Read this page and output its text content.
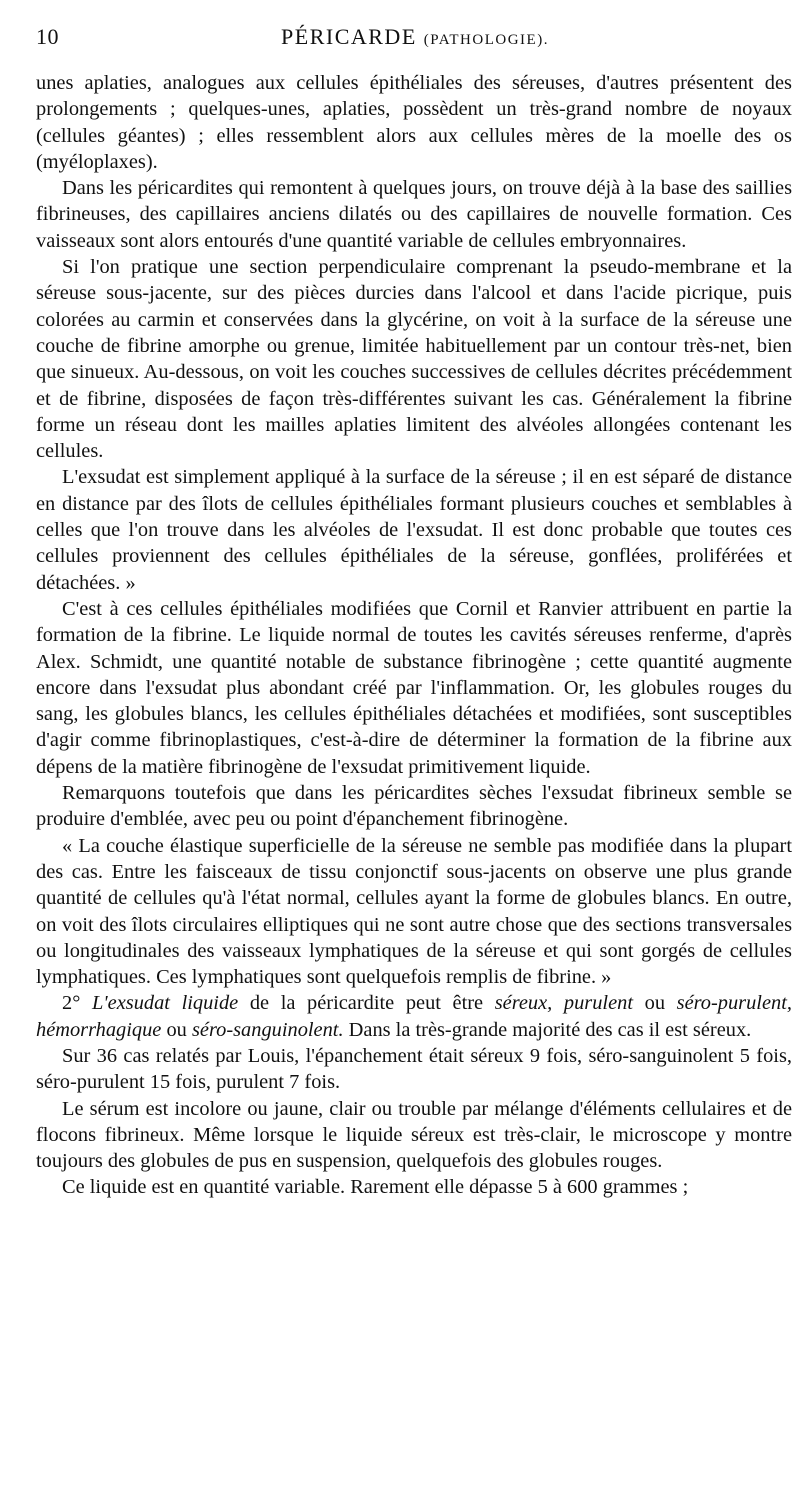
10	PÉRICARDE (PATHOLOGIE).

unes aplaties, analogues aux cellules épithéliales des séreuses, d'autres présentent des prolongements ; quelques-unes, aplaties, possèdent un très-grand nombre de noyaux (cellules géantes) ; elles ressemblent alors aux cellules mères de la moelle des os (myéloplaxes).

Dans les péricardites qui remontent à quelques jours, on trouve déjà à la base des saillies fibrineuses, des capillaires anciens dilatés ou des capillaires de nouvelle formation. Ces vaisseaux sont alors entourés d'une quantité variable de cellules embryonnaires.

Si l'on pratique une section perpendiculaire comprenant la pseudo-membrane et la séreuse sous-jacente, sur des pièces durcies dans l'alcool et dans l'acide picrique, puis colorées au carmin et conservées dans la glycérine, on voit à la surface de la séreuse une couche de fibrine amorphe ou grenue, limitée habituellement par un contour très-net, bien que sinueux. Au-dessous, on voit les couches successives de cellules décrites précédemment et de fibrine, disposées de façon très-différentes suivant les cas. Généralement la fibrine forme un réseau dont les mailles aplaties limitent des alvéoles allongées contenant les cellules.

L'exsudat est simplement appliqué à la surface de la séreuse ; il en est séparé de distance en distance par des îlots de cellules épithéliales formant plusieurs couches et semblables à celles que l'on trouve dans les alvéoles de l'exsudat. Il est donc probable que toutes ces cellules proviennent des cellules épithéliales de la séreuse, gonflées, proliférées et détachées. »

C'est à ces cellules épithéliales modifiées que Cornil et Ranvier attribuent en partie la formation de la fibrine. Le liquide normal de toutes les cavités séreuses renferme, d'après Alex. Schmidt, une quantité notable de substance fibrinogène ; cette quantité augmente encore dans l'exsudat plus abondant créé par l'inflammation. Or, les globules rouges du sang, les globules blancs, les cellules épithéliales détachées et modifiées, sont susceptibles d'agir comme fibrinoplastiques, c'est-à-dire de déterminer la formation de la fibrine aux dépens de la matière fibrinogène de l'exsudat primitivement liquide.

Remarquons toutefois que dans les péricardites sèches l'exsudat fibrineux semble se produire d'emblée, avec peu ou point d'épanchement fibrinogène.

« La couche élastique superficielle de la séreuse ne semble pas modifiée dans la plupart des cas. Entre les faisceaux de tissu conjonctif sous-jacents on observe une plus grande quantité de cellules qu'à l'état normal, cellules ayant la forme de globules blancs. En outre, on voit des îlots circulaires elliptiques qui ne sont autre chose que des sections transversales ou longitudinales des vaisseaux lymphatiques de la séreuse et qui sont gorgés de cellules lymphatiques. Ces lymphatiques sont quelquefois remplis de fibrine. »

2° L'exsudat liquide de la péricardite peut être séreux, purulent ou séro-purulent, hémorrhagique ou séro-sanguinolent. Dans la très-grande majorité des cas il est séreux.

Sur 36 cas relatés par Louis, l'épanchement était séreux 9 fois, séro-sanguinolent 5 fois, séro-purulent 15 fois, purulent 7 fois.

Le sérum est incolore ou jaune, clair ou trouble par mélange d'éléments cellulaires et de flocons fibrineux. Même lorsque le liquide séreux est très-clair, le microscope y montre toujours des globules de pus en suspension, quelquefois des globules rouges.

Ce liquide est en quantité variable. Rarement elle dépasse 5 à 600 grammes ;
